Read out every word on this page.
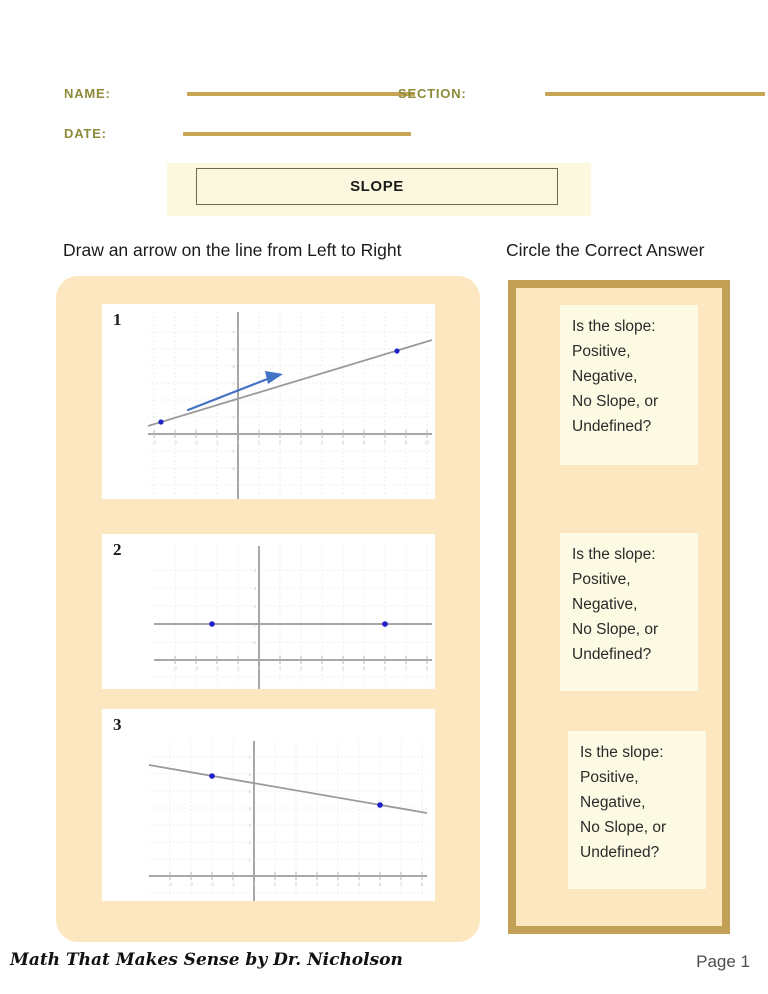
NAME:	SECTION:
DATE:
SLOPE
Draw an arrow on the line from Left to Right	Circle the Correct Answer
1
-4	-3	-2	-1	0	1	2	3	4	5	6	7	8	10
7
6
5
4
2
-1
-2
2
-4	-3	-2	-1	0	1	2	3	4	5	6	7	8
4
3
2
1
-1
3
-4	-3	-2	-1	0	1	2	3	4	5	6	7	8
7
6
5
4
3
2
1
Is the slope:
Positive,
Negative,
No Slope, or
Undefined?
Is the slope:
Positive,
Negative,
No Slope, or
Undefined?
Is the slope:
Positive,
Negative,
No Slope, or
Undefined?
Math That Makes Sense by Dr. Nicholson	Page 1
